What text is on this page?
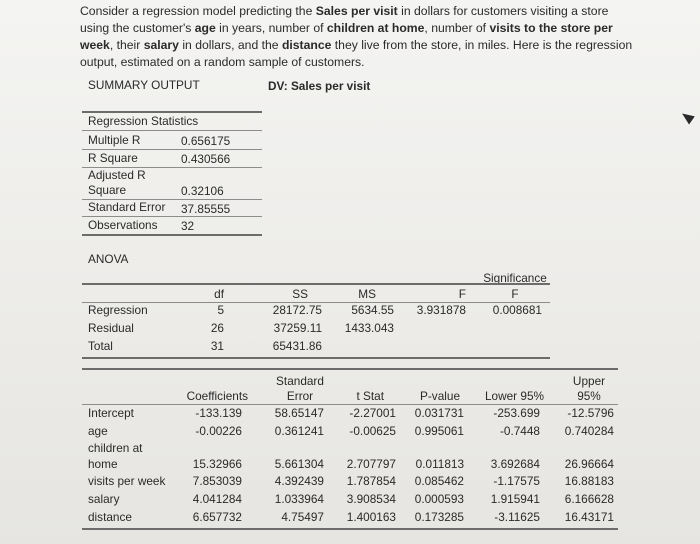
Consider a regression model predicting the Sales per visit in dollars for customers visiting a store using the customer's age in years, number of children at home, number of visits to the store per week, their salary in dollars, and the distance they live from the store, in miles. Here is the regression output, estimated on a random sample of customers.
SUMMARY OUTPUT	DV: Sales per visit
Regression Statistics
Multiple R	0.656175
R Square	0.430566
Adjusted R
Square	0.32106
Standard Error 37.85555
Observations 32
ANOVA
Significance
df	SS	MS	F	F
Regression	5	28172.75	5634.55	3.931878	0.008681
Residual	26	37259.11	1433.043
Total	31	65431.86
Standard	Upper
Coefficients	Error	t Stat	P-value	Lower 95%	95%
Intercept	-133.139	58.65147	-2.27001	0.031731	-253.699	-12.5796
age	-0.00226	0.361241	-0.00625	0.995061	-0.7448	0.740284
children at
home	15.32966	5.661304	2.707797	0.011813	3.692684	26.96664
visits per week	7.853039	4.392439	1.787854	0.085462	-1.17575	16.88183
salary	4.041284	1.033964	3.908534	0.000593	1.915941	6.166628
distance	6.657732	4.75497	1.400163	0.173285	-3.11625	16.43171
